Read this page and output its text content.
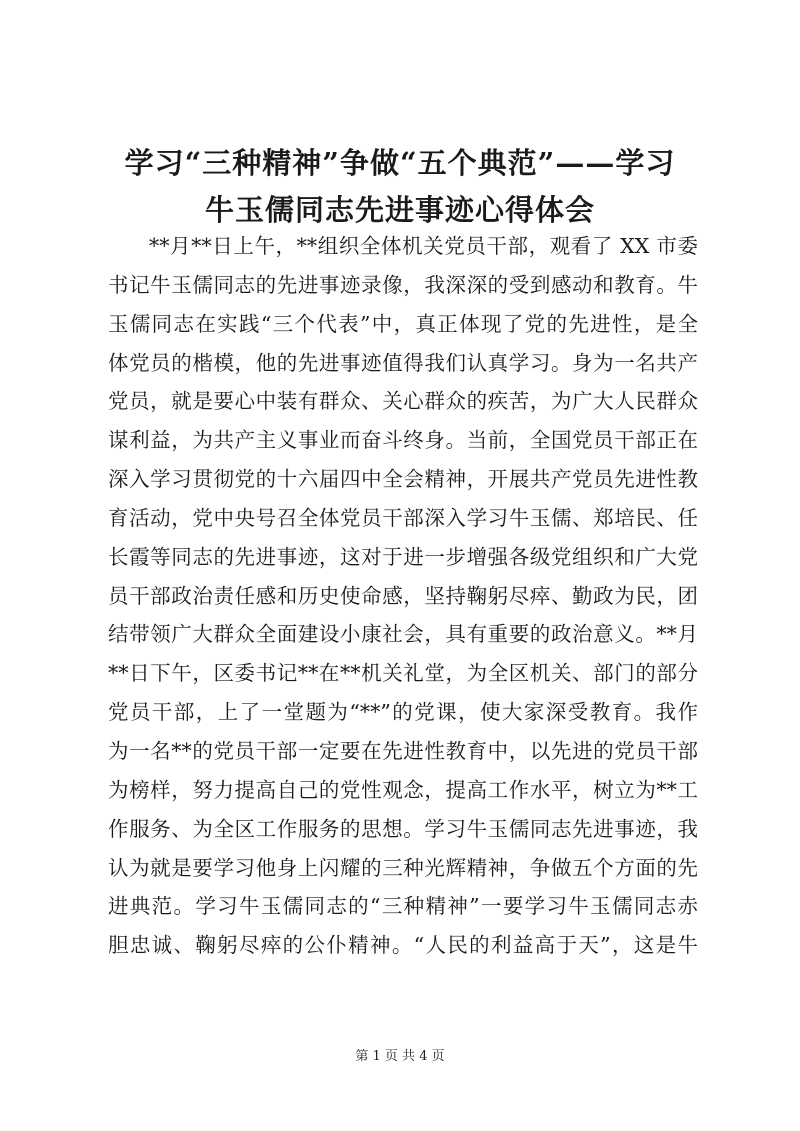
学习“三种精神”争做“五个典范”——学习
牛玉儒同志先进事迹心得体会
**月**日上午，**组织全体机关党员干部，观看了 XX 市委
书记牛玉儒同志的先进事迹录像，我深深的受到感动和教育。牛
玉儒同志在实践“三个代表”中，真正体现了党的先进性，是全
体党员的楷模，他的先进事迹值得我们认真学习。身为一名共产
党员，就是要心中装有群众、关心群众的疾苦，为广大人民群众
谋利益，为共产主义事业而奋斗终身。当前，全国党员干部正在
深入学习贯彻党的十六届四中全会精神，开展共产党员先进性教
育活动，党中央号召全体党员干部深入学习牛玉儒、郑培民、任
长霞等同志的先进事迹，这对于进一步增强各级党组织和广大党
员干部政治责任感和历史使命感，坚持鞠躬尽瘁、勤政为民，团
结带领广大群众全面建设小康社会，具有重要的政治意义。**月
**日下午，区委书记**在**机关礼堂，为全区机关、部门的部分
党员干部，上了一堂题为“**”的党课，使大家深受教育。我作
为一名**的党员干部一定要在先进性教育中，以先进的党员干部
为榜样，努力提高自己的党性观念，提高工作水平，树立为**工
作服务、为全区工作服务的思想。学习牛玉儒同志先进事迹，我
认为就是要学习他身上闪耀的三种光辉精神，争做五个方面的先
进典范。学习牛玉儒同志的“三种精神”一要学习牛玉儒同志赤
胆忠诚、鞠躬尽瘁的公仆精神。“人民的利益高于天”，这是牛
第 1 页 共 4 页
